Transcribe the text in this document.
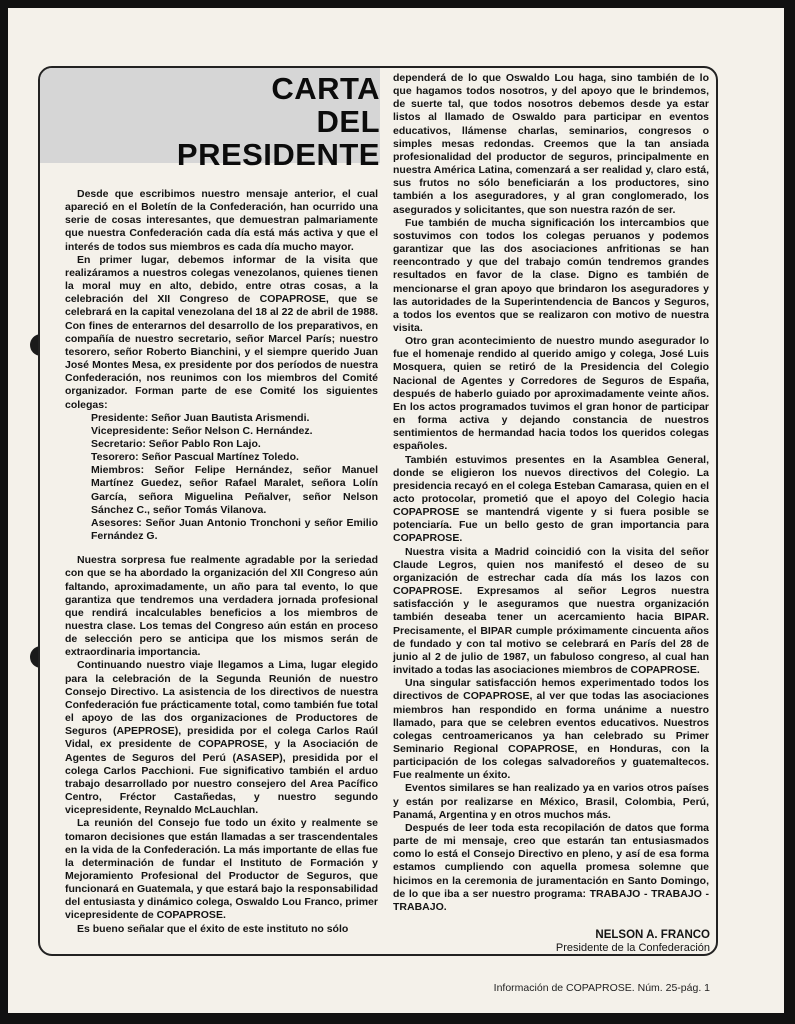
CARTA
DEL
PRESIDENTE

Desde que escribimos nuestro mensaje anterior, el cual apareció en el Boletín de la Confederación, han ocurrido una serie de cosas interesantes, que demuestran palmariamente que nuestra Confederación cada día está más activa y que el interés de todos sus miembros es cada día mucho mayor.

En primer lugar, debemos informar de la visita que realizáramos a nuestros colegas venezolanos, quienes tienen la moral muy en alto, debido, entre otras cosas, a la celebración del XII Congreso de COPAPROSE, que se celebrará en la capital venezolana del 18 al 22 de abril de 1988. Con fines de enterarnos del desarrollo de los preparativos, en compañía de nuestro secretario, señor Marcel París; nuestro tesorero, señor Roberto Bianchini, y el siempre querido Juan José Montes Mesa, ex presidente por dos períodos de nuestra Confederación, nos reunimos con los miembros del Comité organizador. Forman parte de ese Comité los siguientes colegas:

Presidente: Señor Juan Bautista Arismendi.
Vicepresidente: Señor Nelson C. Hernández.
Secretario: Señor Pablo Ron Lajo.
Tesorero: Señor Pascual Martínez Toledo.
Miembros: Señor Felipe Hernández, señor Manuel Martínez Guedez, señor Rafael Maralet, señora Lolín García, señora Miguelina Peñalver, señor Nelson Sánchez C., señor Tomás Vilanova.
Asesores: Señor Juan Antonio Tronchoni y señor Emilio Fernández G.

Nuestra sorpresa fue realmente agradable por la seriedad con que se ha abordado la organización del XII Congreso aún faltando, aproximadamente, un año para tal evento, lo que garantiza que tendremos una verdadera jornada profesional que rendirá incalculables beneficios a los miembros de nuestra clase. Los temas del Congreso aún están en proceso de selección pero se anticipa que los mismos serán de extraordinaria importancia.

Continuando nuestro viaje llegamos a Lima, lugar elegido para la celebración de la Segunda Reunión de nuestro Consejo Directivo. La asistencia de los directivos de nuestra Confederación fue prácticamente total, como también fue total el apoyo de las dos organizaciones de Productores de Seguros (APEPROSE), presidida por el colega Carlos Raúl Vidal, ex presidente de COPAPROSE, y la Asociación de Agentes de Seguros del Perú (ASASEP), presidida por el colega Carlos Pacchioni. Fue significativo también el arduo trabajo desarrollado por nuestro consejero del Area Pacífico Centro, Fréctor Castañedas, y nuestro segundo vicepresidente, Reynaldo McLauchlan.

La reunión del Consejo fue todo un éxito y realmente se tomaron decisiones que están llamadas a ser trascendentales en la vida de la Confederación. La más importante de ellas fue la determinación de fundar el Instituto de Formación y Mejoramiento Profesional del Productor de Seguros, que funcionará en Guatemala, y que estará bajo la responsabilidad del entusiasta y dinámico colega, Oswaldo Lou Franco, primer vicepresidente de COPAPROSE.

Es bueno señalar que el éxito de este instituto no sólo

dependerá de lo que Oswaldo Lou haga, sino también de lo que hagamos todos nosotros, y del apoyo que le brindemos, de suerte tal, que todos nosotros debemos desde ya estar listos al llamado de Oswaldo para participar en eventos educativos, llámense charlas, seminarios, congresos o simples mesas redondas. Creemos que la tan ansiada profesionalidad del productor de seguros, principalmente en nuestra América Latina, comenzará a ser realidad y, claro está, sus frutos no sólo beneficiarán a los productores, sino también a los aseguradores, y al gran conglomerado, los asegurados y solicitantes, que son nuestra razón de ser.

Fue también de mucha significación los intercambios que sostuvimos con todos los colegas peruanos y podemos garantizar que las dos asociaciones anfritionas se han reencontrado y que del trabajo común tendremos grandes resultados en favor de la clase. Digno es también de mencionarse el gran apoyo que brindaron los aseguradores y las autoridades de la Superintendencia de Bancos y Seguros, a todos los eventos que se realizaron con motivo de nuestra visita.

Otro gran acontecimiento de nuestro mundo asegurador lo fue el homenaje rendido al querido amigo y colega, José Luis Mosquera, quien se retiró de la Presidencia del Colegio Nacional de Agentes y Corredores de Seguros de España, después de haberlo guiado por aproximadamente veinte años. En los actos programados tuvimos el gran honor de participar en forma activa y dejando constancia de nuestros sentimientos de hermandad hacia todos los queridos colegas españoles.

También estuvimos presentes en la Asamblea General, donde se eligieron los nuevos directivos del Colegio. La presidencia recayó en el colega Esteban Camarasa, quien en el acto protocolar, prometió que el apoyo del Colegio hacia COPAPROSE se mantendrá vigente y si fuera posible se potenciaría. Fue un bello gesto de gran importancia para COPAPROSE.

Nuestra visita a Madrid coincidió con la visita del señor Claude Legros, quien nos manifestó el deseo de su organización de estrechar cada día más los lazos con COPAPROSE. Expresamos al señor Legros nuestra satisfacción y le aseguramos que nuestra organización también deseaba tener un acercamiento hacia BIPAR. Precisamente, el BIPAR cumple próximamente cincuenta años de fundado y con tal motivo se celebrará en París del 28 de junio al 2 de julio de 1987, un fabuloso congreso, al cual han invitado a todas las asociaciones miembros de COPAPROSE.

Una singular satisfacción hemos experimentado todos los directivos de COPAPROSE, al ver que todas las asociaciones miembros han respondido en forma unánime a nuestro llamado, para que se celebren eventos educativos. Nuestros colegas centroamericanos ya han celebrado su Primer Seminario Regional COPAPROSE, en Honduras, con la participación de los colegas salvadoreños y guatemaltecos. Fue realmente un éxito.

Eventos similares se han realizado ya en varios otros países y están por realizarse en México, Brasil, Colombia, Perú, Panamá, Argentina y en otros muchos más.

Después de leer toda esta recopilación de datos que forma parte de mi mensaje, creo que estarán tan entusiasmados como lo está el Consejo Directivo en pleno, y así de esa forma estamos cumpliendo con aquella promesa solemne que hicimos en la ceremonia de juramentación en Santo Domingo, de lo que iba a ser nuestro programa: TRABAJO - TRABAJO - TRABAJO.

NELSON A. FRANCO
Presidente de la Confederación
Información de COPAPROSE. Núm. 25-pág. 1
